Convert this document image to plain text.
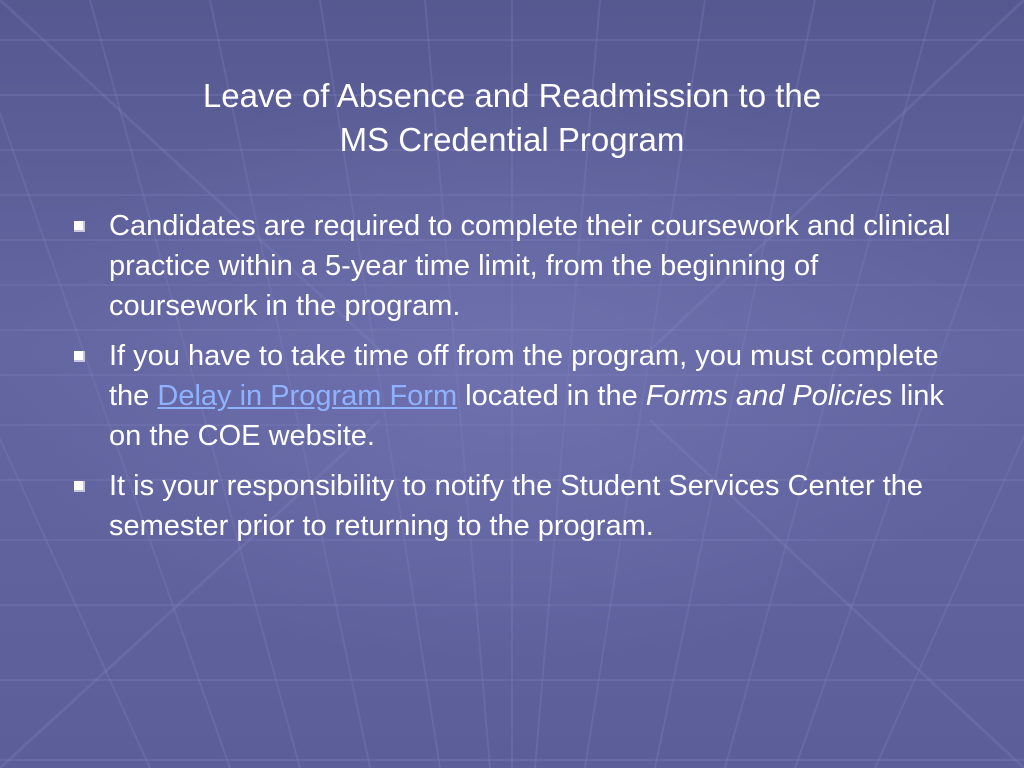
Leave of Absence and Readmission to the
MS Credential Program
Candidates are required to complete their coursework and clinical practice within a 5-year time limit, from the beginning of coursework in the program.
If you have to take time off from the program, you must complete the Delay in Program Form located in the Forms and Policies link on the COE website.
It is your responsibility to notify the Student Services Center the semester prior to returning to the program.
